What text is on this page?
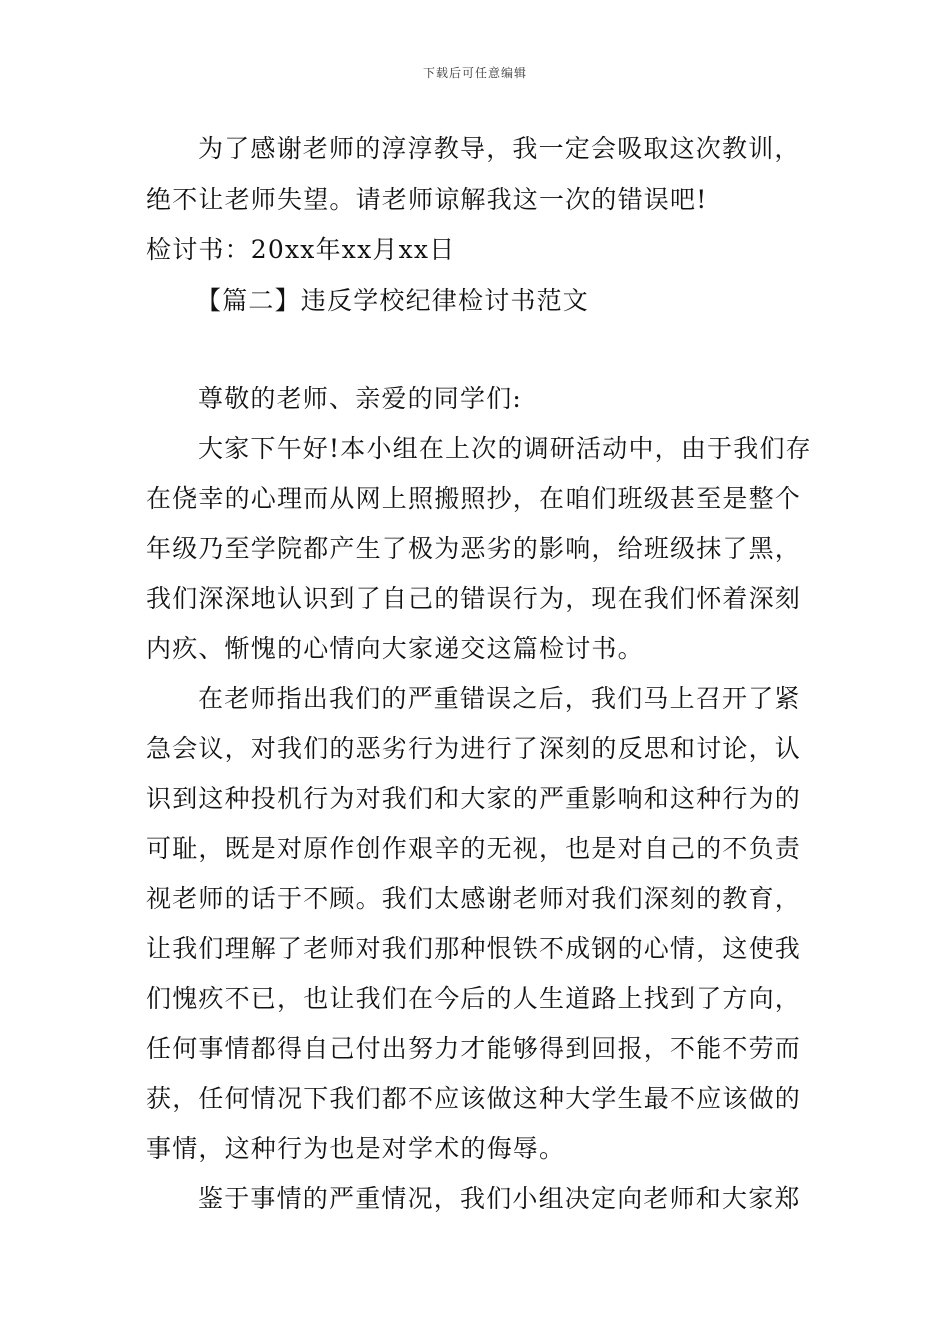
下载后可任意编辑
为了感谢老师的淳淳教导，我一定会吸取这次教训，
绝不让老师失望。请老师谅解我这一次的错误吧!
检讨书：20xx年xx月xx日
【篇二】违反学校纪律检讨书范文
尊敬的老师、亲爱的同学们:
大家下午好!本小组在上次的调研活动中，由于我们存
在侥幸的心理而从网上照搬照抄，在咱们班级甚至是整个
年级乃至学院都产生了极为恶劣的影响，给班级抹了黑，
我们深深地认识到了自己的错误行为，现在我们怀着深刻
内疚、惭愧的心情向大家递交这篇检讨书。
在老师指出我们的严重错误之后，我们马上召开了紧
急会议，对我们的恶劣行为进行了深刻的反思和讨论，认
识到这种投机行为对我们和大家的严重影响和这种行为的
可耻，既是对原作创作艰辛的无视，也是对自己的不负责
视老师的话于不顾。我们太感谢老师对我们深刻的教育，
让我们理解了老师对我们那种恨铁不成钢的心情，这使我
们愧疚不已，也让我们在今后的人生道路上找到了方向，
任何事情都得自己付出努力才能够得到回报，不能不劳而
获，任何情况下我们都不应该做这种大学生最不应该做的
事情，这种行为也是对学术的侮辱。
鉴于事情的严重情况，我们小组决定向老师和大家郑
